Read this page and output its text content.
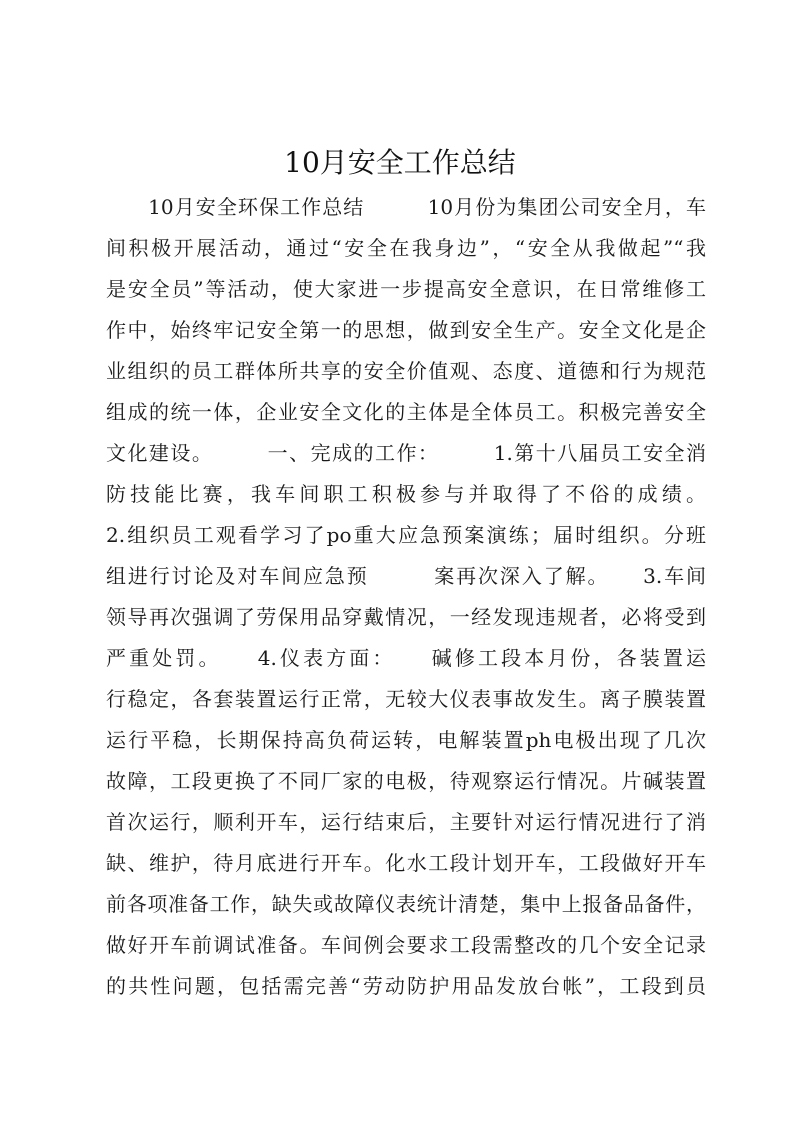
10月安全工作总结
　　10月安全环保工作总结　　　10月份为集团公司安全月，车
间积极开展活动，通过“安全在我身边”，“安全从我做起”“我
是安全员”等活动，使大家进一步提高安全意识，在日常维修工
作中，始终牢记安全第一的思想，做到安全生产。安全文化是企
业组织的员工群体所共享的安全价值观、态度、道德和行为规范
组成的统一体，企业安全文化的主体是全体员工。积极完善安全
文化建设。　　　一、完成的工作：　　　1.第十八届员工安全消
防技能比赛，我车间职工积极参与并取得了不俗的成绩。
2.组织员工观看学习了po重大应急预案演练；届时组织。分班
组进行讨论及对车间应急预　　　案再次深入了解。　　3.车间
领导再次强调了劳保用品穿戴情况，一经发现违规者，必将受到
严重处罚。　　4.仪表方面：　　碱修工段本月份，各装置运
行稳定，各套装置运行正常，无较大仪表事故发生。离子膜装置
运行平稳，长期保持高负荷运转，电解装置ph电极出现了几次
故障，工段更换了不同厂家的电极，待观察运行情况。片碱装置
首次运行，顺利开车，运行结束后，主要针对运行情况进行了消
缺、维护，待月底进行开车。化水工段计划开车，工段做好开车
前各项准备工作，缺失或故障仪表统计清楚，集中上报备品备件，
做好开车前调试准备。车间例会要求工段需整改的几个安全记录
的共性问题，包括需完善“劳动防护用品发放台帐”，工段到员
